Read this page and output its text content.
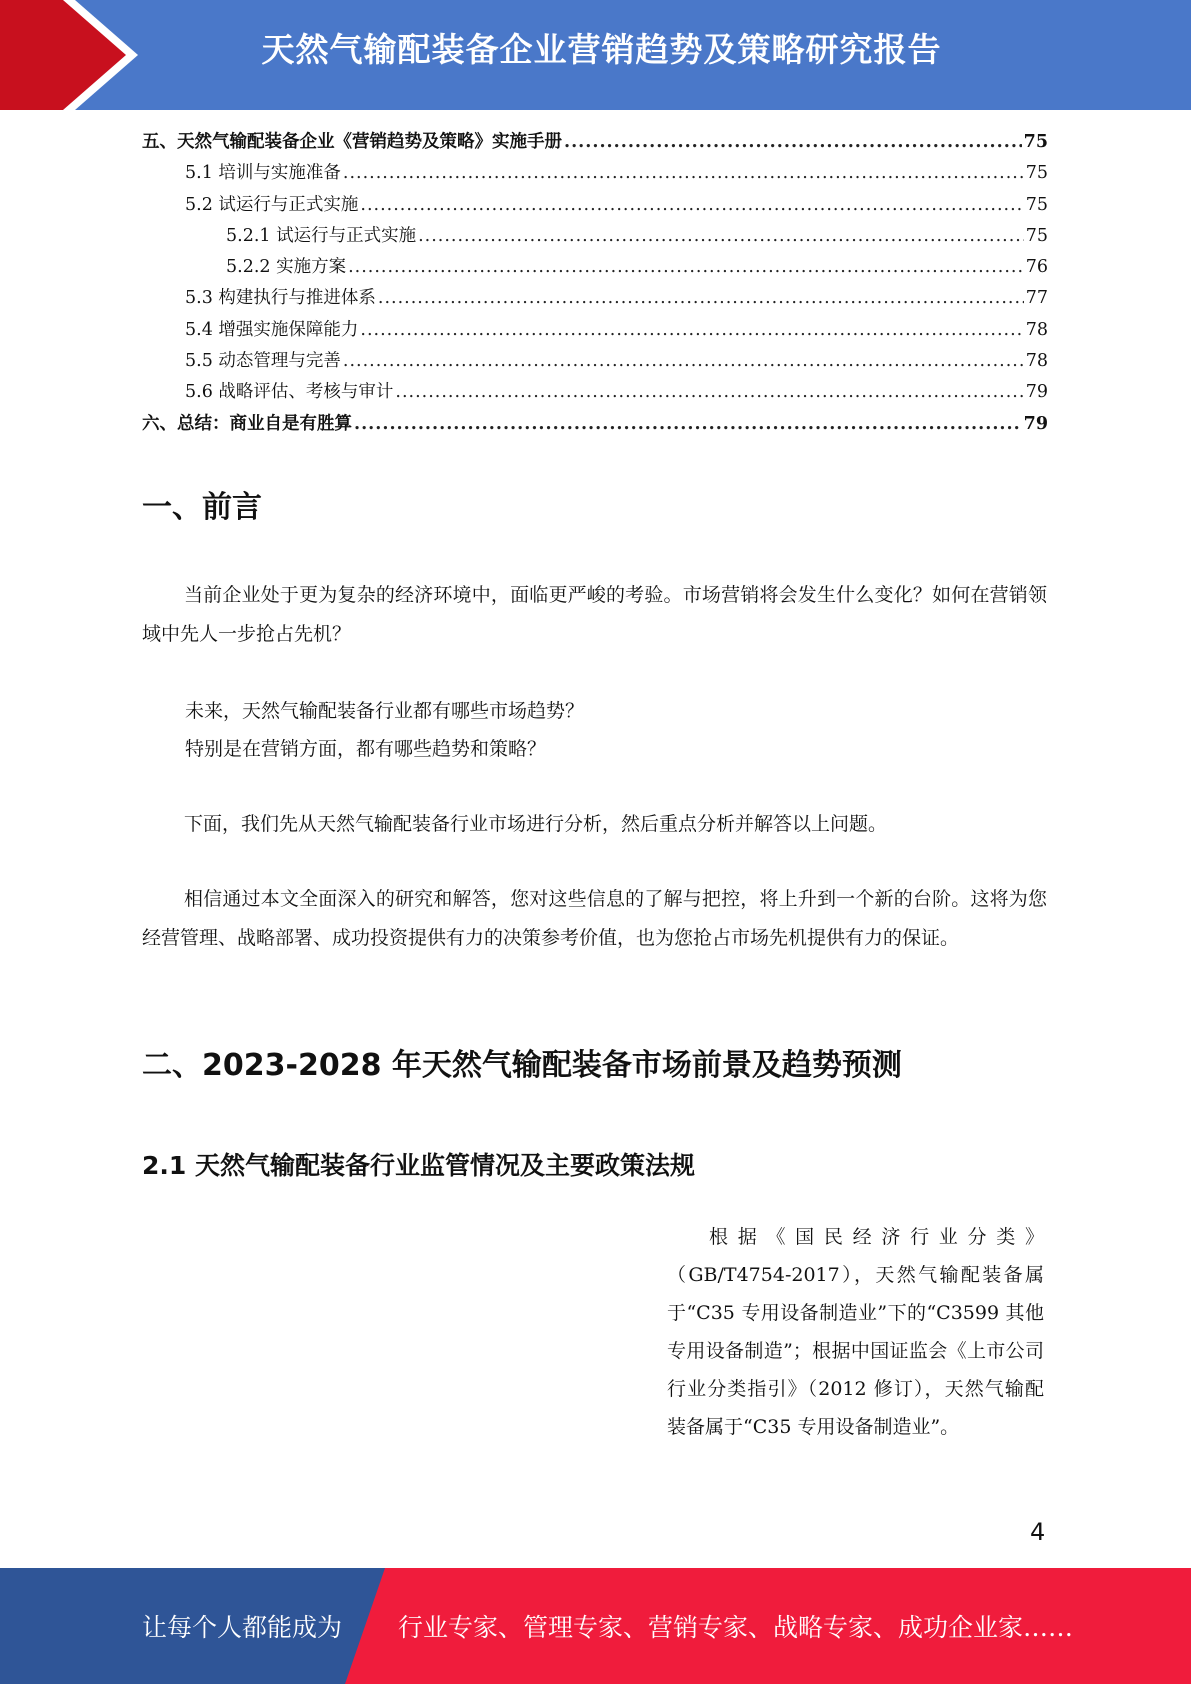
天然气输配装备企业营销趋势及策略研究报告
五、天然气输配装备企业《营销趋势及策略》实施手册 .....	75
5.1 培训与实施准备 .....	75
5.2 试运行与正式实施 .....	75
5.2.1 试运行与正式实施 .....	75
5.2.2 实施方案 .....	76
5.3 构建执行与推进体系 .....	77
5.4 增强实施保障能力 .....	78
5.5 动态管理与完善 .....	78
5.6 战略评估、考核与审计 .....	79
六、总结：商业自是有胜算 .....	79
一、前言
当前企业处于更为复杂的经济环境中，面临更严峻的考验。市场营销将会发生什么变化？如何在营销领域中先人一步抢占先机？
未来，天然气输配装备行业都有哪些市场趋势？
特别是在营销方面，都有哪些趋势和策略？
下面，我们先从天然气输配装备行业市场进行分析，然后重点分析并解答以上问题。
相信通过本文全面深入的研究和解答，您对这些信息的了解与把控，将上升到一个新的台阶。这将为您经营管理、战略部署、成功投资提供有力的决策参考价值，也为您抢占市场先机提供有力的保证。
二、2023-2028 年天然气输配装备市场前景及趋势预测
2.1 天然气输配装备行业监管情况及主要政策法规
根据《国民经济行业分类》（GB/T4754-2017），天然气输配装备属于“C35 专用设备制造业”下的“C3599 其他专用设备制造”；根据中国证监会《上市公司行业分类指引》（2012 修订），天然气输配装备属于“C35 专用设备制造业”。
4
让每个人都能成为 行业专家、管理专家、营销专家、战略专家、成功企业家……
